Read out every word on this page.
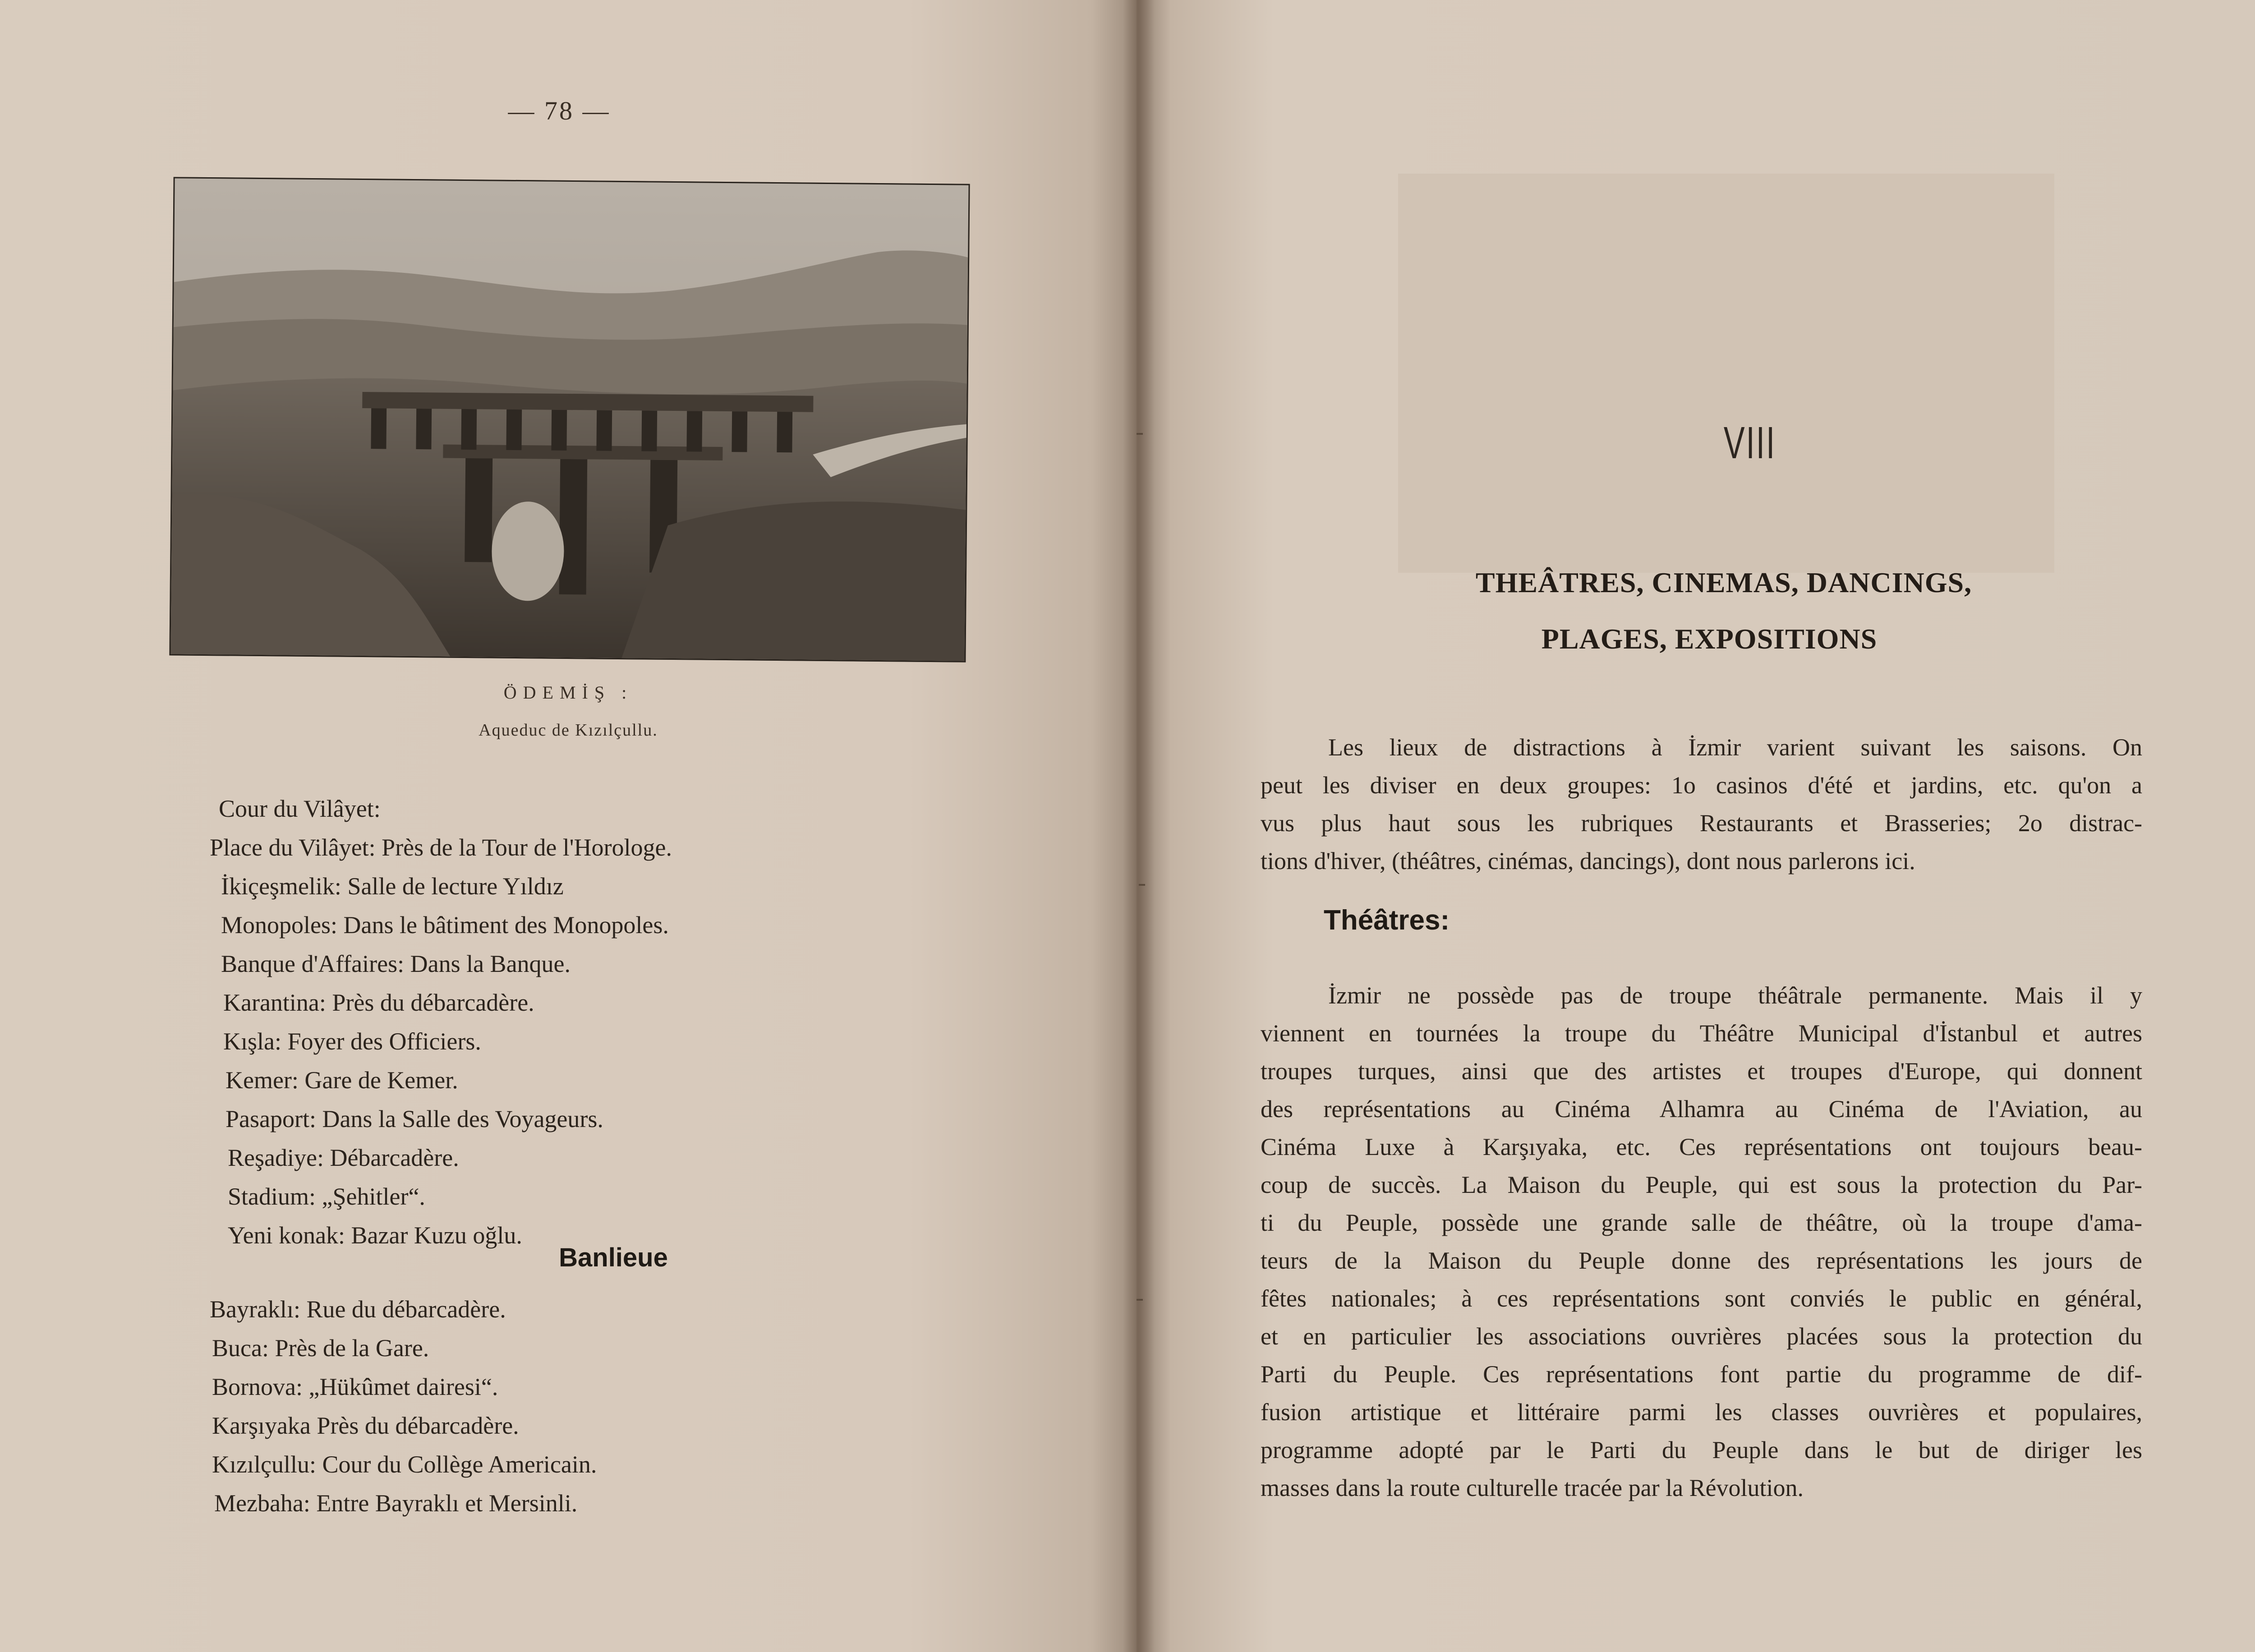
— 78 —
ÖDEMİŞ :
Aqueduc de Kızılçullu.
Cour du Vilâyet:
Place du Vilâyet: Près de la Tour de l'Horologe.
İkiçeşmelik: Salle de lecture Yıldız
Monopoles: Dans le bâtiment des Monopoles.
Banque d'Affaires: Dans la Banque.
Karantina: Près du débarcadère.
Kışla: Foyer des Officiers.
Kemer: Gare de Kemer.
Pasaport: Dans la Salle des Voyageurs.
Reşadiye: Débarcadère.
Stadium: „Şehitler“.
Yeni konak: Bazar Kuzu oğlu.
Banlieue
Bayraklı: Rue du débarcadère.
Buca: Près de la Gare.
Bornova: „Hükûmet dairesi“.
Karşıyaka Près du débarcadère.
Kızılçullu: Cour du Collège Americain.
Mezbaha: Entre Bayraklı et Mersinli.
VIII
THEÂTRES, CINEMAS, DANCINGS,
PLAGES, EXPOSITIONS
Les lieux de distractions à İzmir varient suivant les saisons. On
peut les diviser en deux groupes: 1o casinos d'été et jardins, etc. qu'on a
vus plus haut sous les rubriques Restaurants et Brasseries; 2o distrac-
tions d'hiver, (théâtres, cinémas, dancings), dont nous parlerons ici.
Théâtres:
İzmir ne possède pas de troupe théâtrale permanente. Mais il y
viennent en tournées la troupe du Théâtre Municipal d'İstanbul et autres
troupes turques, ainsi que des artistes et troupes d'Europe, qui donnent
des représentations au Cinéma Alhamra au Cinéma de l'Aviation, au
Cinéma Luxe à Karşıyaka, etc. Ces représentations ont toujours beau-
coup de succès. La Maison du Peuple, qui est sous la protection du Par-
ti du Peuple, possède une grande salle de théâtre, où la troupe d'ama-
teurs de la Maison du Peuple donne des représentations les jours de
fêtes nationales; à ces représentations sont conviés le public en général,
et en particulier les associations ouvrières placées sous la protection du
Parti du Peuple. Ces représentations font partie du programme de dif-
fusion artistique et littéraire parmi les classes ouvrières et populaires,
programme adopté par le Parti du Peuple dans le but de diriger les
masses dans la route culturelle tracée par la Révolution.
